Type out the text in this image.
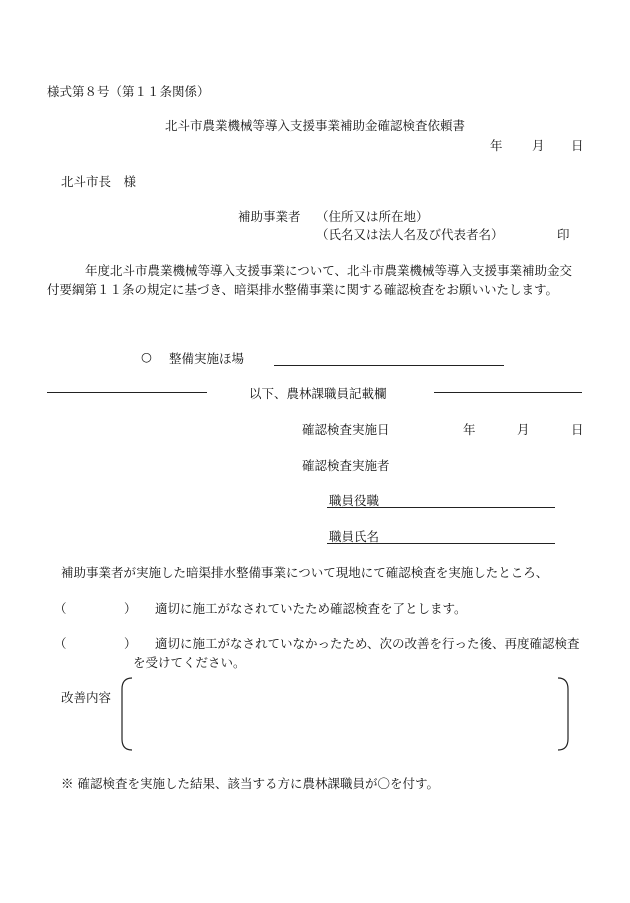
様式第８号（第１１条関係）
北斗市農業機械等導入支援事業補助金確認検査依頼書
年 月 日
北斗市長　様
補助事業者 （住所又は所在地）
（氏名又は法人名及び代表者名）	印
年度北斗市農業機械等導入支援事業について、北斗市農業機械等導入支援事業補助金交付要綱第１１条の規定に基づき、暗渠排水整備事業に関する確認検査をお願いいたします。
○ 整備実施ほ場
以下、農林課職員記載欄
確認検査実施日	年	月	日
確認検査実施者
職員役職
職員氏名
補助事業者が実施した暗渠排水整備事業について現地にて確認検査を実施したところ、
（	） 適切に施工がなされていたため確認検査を了とします。
（	）	適切に施工がなされていなかったため、次の改善を行った後、再度確認検査を受けてください。
改善内容
※ 確認検査を実施した結果、該当する方に農林課職員が〇を付す。
